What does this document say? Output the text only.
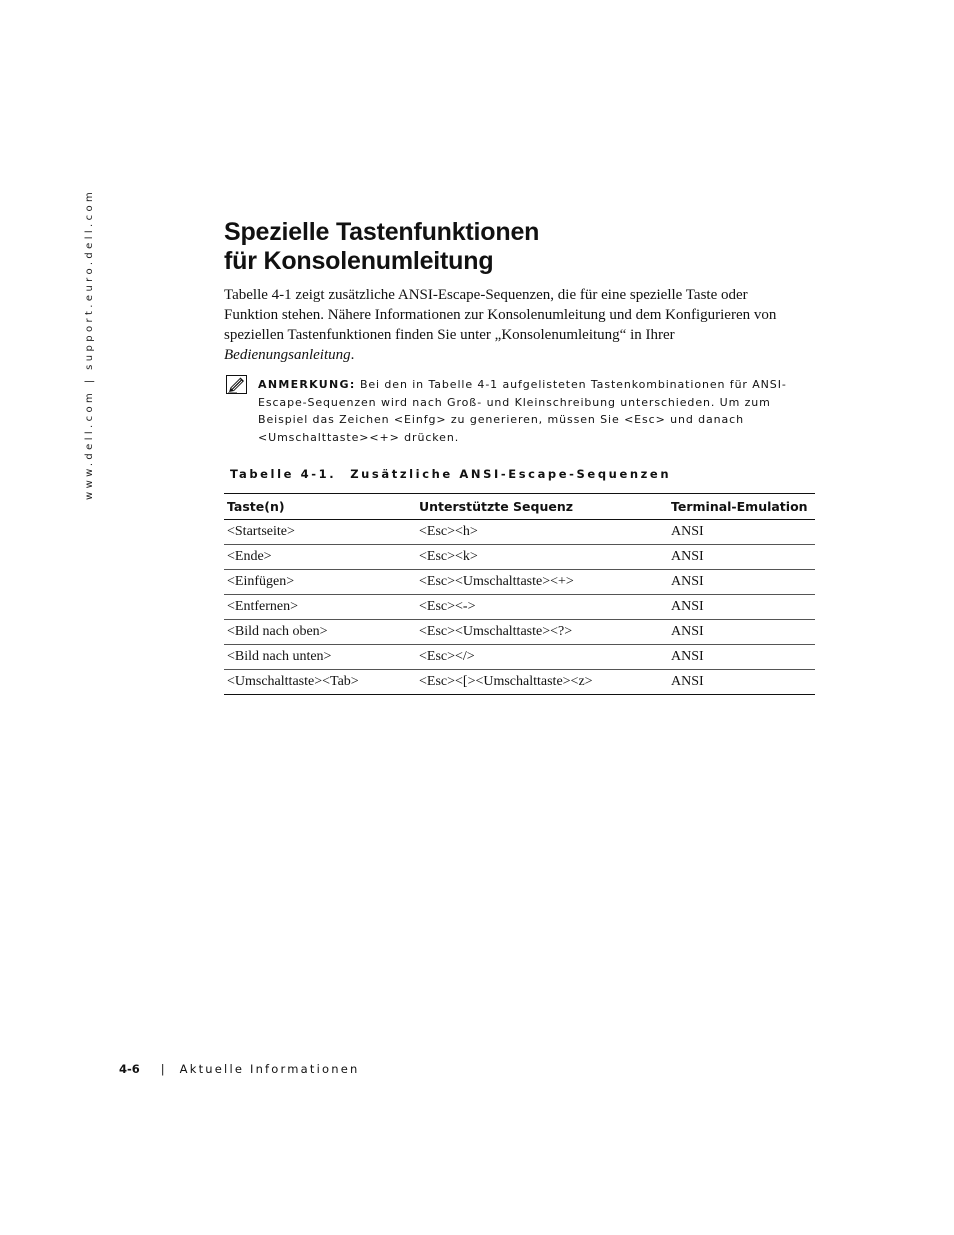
www.dell.com | support.euro.dell.com	Spezielle Tastenfunktionen
für Konsolenumleitung

Tabelle 4-1 zeigt zusätzliche ANSI-Escape-Sequenzen, die für eine spezielle Taste oder Funktion stehen. Nähere Informationen zur Konsolenumleitung und dem Konfigurieren von speziellen Tastenfunktionen finden Sie unter „Konsolenumleitung“ in Ihrer Bedienungsanleitung.

ANMERKUNG: Bei den in Tabelle 4-1 aufgelisteten Tastenkombinationen für ANSI-Escape-Sequenzen wird nach Groß- und Kleinschreibung unterschieden. Um zum Beispiel das Zeichen <Einfg> zu generieren, müssen Sie <Esc> und danach <Umschalttaste><+> drücken.

Tabelle 4-1. Zusätzliche ANSI-Escape-Sequenzen

Taste(n)	Unterstützte Sequenz	Terminal-Emulation
<Startseite>	<Esc><h>	ANSI
<Ende>	<Esc><k>	ANSI
<Einfügen>	<Esc><Umschalttaste><+>	ANSI
<Entfernen>	<Esc><->	ANSI
<Bild nach oben>	<Esc><Umschalttaste><?>	ANSI
<Bild nach unten>	<Esc></>	ANSI
<Umschalttaste><Tab>	<Esc><[><Umschalttaste><z>	ANSI
4-6 | Aktuelle Informationen
